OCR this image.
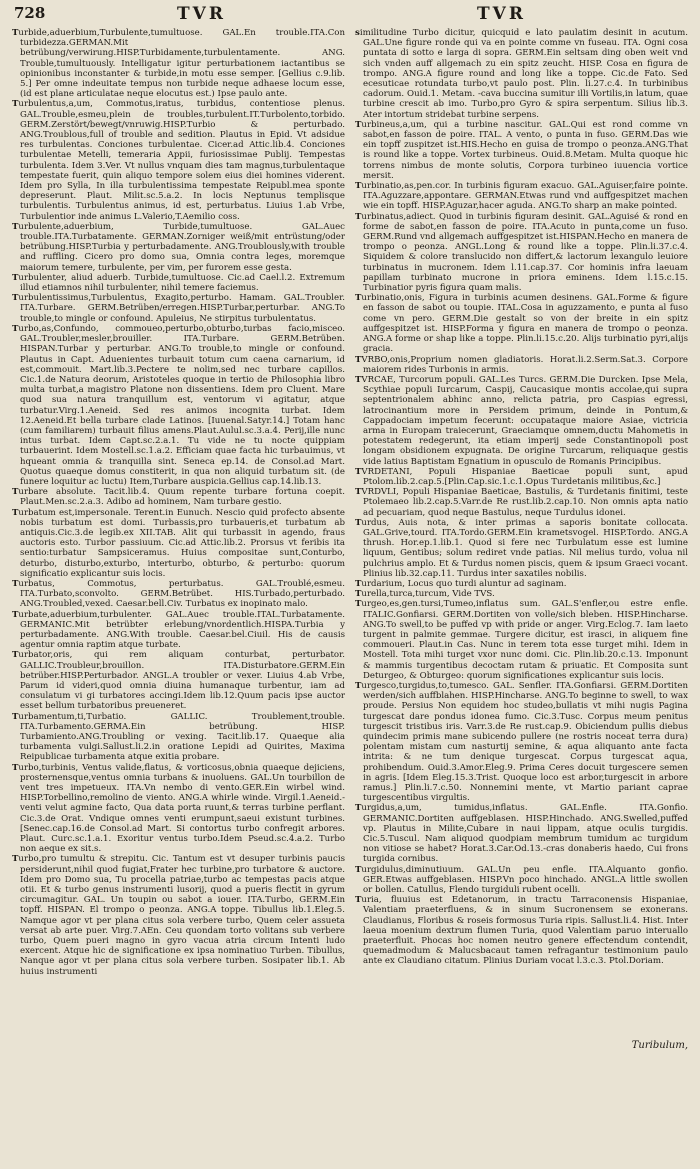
728	TVR	TVR

Turbide,aduerbium,Turbulente,tumultuose. GAL.En trouble.ITA.Con turbidezza.GERMAN.Mit betrübung/verwirung.HISP.Turbidamente,turbulentamente. ANG. Trouble,tumultuously. Intelligatur igitur perturbationem iactantibus se opinionibus inconstanter & turbide,in motu esse semper. [Gellius c.9.lib. 5.] Per omne indeuitate tempus non turbide neque adhaese locum esse, (id est plane articulatae neque elocutus est.) Ipse paulo ante.

Turbulentus,a,um, Commotus,iratus, turbidus, contentiose plenus. GAL.Trouble,esmeu,plein de troubles,turbulent.IT.Turbolento,torbido. GERM.Zerstört/bewegt/vnruwig.HISP.Turbio & perturbado. ANG.Troublous,full of trouble and sedition. Plautus in Epid. Vt adsidue res turbulentas. Conciones turbulentae. Cicer.ad Attic.lib.4. Conciones turbulentae Metelli, temeraria Appii, furiosissimae Publij. Tempestas turbulenta. Idem 3.Ver. Vt nullus vnquam dies tam magnus,turbulentaque tempestate fuerit, quin aliquo tempore solem eius diei homines viderent. Idem pro Sylla, In illa turbulentissima tempestate Reipubl.mea sponte depreserunt. Plaut. Milit.sc.5.a.2. In locis Neptunus templisque turbulentis. Turbulentus animus, id est, perturbatus. Liuius 1.ab Vrbe, Turbulentior inde animus L.Valerio,T.Aemilio coss.

Turbulente,aduerbium, Turbide,tumultuose. GAL.Auec trouble.ITA.Turbatamente. GERMAN.Zorniger weiß/mit entrüstung/oder betrübung.HISP.Turbia y perturbadamente. ANG.Troublously,with trouble and ruffling. Cicero pro domo sua, Omnia contra leges, moremque maiorum temere, turbulente, per vim, per furorem esse gesta.

Turbulenter, aliud aduerb. Turbide,tumultuose. Cic.ad Cael.l.2. Extremum illud etiamnos nihil turbulenter, nihil temere faciemus.

Turbulentissimus,Turbulentus, Exagito,perturbo. Hamam. GAL.Troubler. ITA.Turbare. GERM.Betrüben/erregen.HISP.Turbar,perturbar. ANG.To trouble,to mingle or confound. Apuleius, Ne stirpitus turbulentatus.

Turbo,as,Confundo, commoueo,perturbo,obturbo,turbas facio,misceo. GAL.Troubler,mesler,brouiller. ITA.Turbare. GERM.Betrüben. HISPAN.Turbar y perturbar. ANG.To trouble,to mingle or confound. Plautus in Capt. Aduenientes turbauit totum cum caena carnarium, id est,commouit. Mart.lib.3.Pectere te nolim,sed nec turbare capillos. Cic.1.de Natura deorum, Aristoteles quoque in tertio de Philosophia libro multa turbat,a magistro Platone non dissentiens. Idem pro Cluent. Mare quod sua natura tranquillum est, ventorum vi agitatur, atque turbatur.Virg.1.Aeneid. Sed res animos incognita turbat. Idem 12.Aeneid.Et bella turbare clade Latinos. [Iuuenal.Satyr.14.] Totam hanc (cum familiarem) turbauit filius amens.Plaut.Aulul.sc.3.a.4. Perij,ille nunc intus turbat. Idem Capt.sc.2.a.1. Tu vide ne tu nocte quippiam turbauerint. Idem Mostell.sc.1.a.2. Efficiam quae facta hic turbauimus, vt hqueant omnia & tranquilla sint. Seneca ep.14. de Consol.ad Mart. Quotus quaeque domus constiterit, in qua non aliquid turbatum sit. (de funere loquitur ac luctu) Item,Turbare auspicia.Gellius cap.14.lib.13.

Turbare absolute. Tacit.lib.4. Quum repente turbare fortuna coepit. Plaut.Men.sc.2.a.3. Adibo ad hominem, Nam turbare gestio.

Turbatum est,impersonale. Terent.in Eunuch. Nescio quid profecto absente nobis turbatum est domi. Turbassis,pro turbaueris,et turbatum ab antiquis.Cic.3.de legib.ex XII.TAB. Alit qui turbassit in agendo, fraus auctoris esto. Turbor passiuum. Cic.ad Attic.lib.2. Prorsus vt feribis ita sentio:turbatur Sampsiceramus. Huius compositae sunt,Conturbo, deturbo, disturbo,exturbo, interturbo, obturbo, & perturbo: quorum significatio explicantur suis locis.

Turbatus, Commotus, perturbatus. GAL.Troublé,esmeu. ITA.Turbato,sconvolto. GERM.Betrübet. HIS.Turbado,perturbado. ANG.Troubled,vexed. Caesar.bell.Civ. Turbatus ex inopinato malo.

Turbate,aduerbium,turbulenter. GAL.Auec trouble.ITAL.Turbatamente. GERMANIC.Mit betrübter erlebung/vnordentlich.HISPA.Turbia y perturbadamente. ANG.With trouble. Caesar.bel.Ciuil. His de causis agentur omnia raptim atque turbate.

Turbator,oris, qui rem aliquam conturbat, perturbator. GALLIC.Troubleur,brouillon. ITA.Disturbatore.GERM.Ein betrüber.HISP.Perturbador. ANGL.A troubler or vexer. Liuius 4.ab Vrbe, Parum id videri,quod omnia diuina humanaque turbentur, iam ad consulatum vi gi turbatores accingi.Idem lib.12.Quum pacis ipse auctor esset bellum turbatoribus preueneret.

Turbamentum,ti,Turbatio. GALLIC. Troublement,trouble. ITA.Turbamento.GERMA.Ein betrübung. HISP. Turbamiento.ANG.Troubling or vexing. Tacit.lib.17. Quaeque alia turbamenta vulgi.Sallust.li.2.in oratione Lepidi ad Quirites, Maxima Reipublicae turbamenta atque exitia probare.

Turbo,turbinis, Ventus valide,flatus, & vorticosus,obnia quaeque dejiciens, prosternensque,ventus omnia turbans & inuoluens. GAL.Un tourbillon de vent tres impetueux. ITA.Vn nembo di vento.GER.Ein wirbel wind. HISP.Torbellino,remolino de viento. ANG.A whirle winde. Virgil.1.Aeneid.-venti velut agmine facto, Qua data porta ruunt,& terras turbine perflant. Cic.3.de Orat. Vndique omnes venti erumpunt,saeui existunt turbines.[Senec.cap.16.de Consol.ad Mart. Si contortus turbo confregit arbores. Plaut. Curc.sc.1.a.1. Exoritur ventus turbo.Idem Pseud.sc.4.a.2. Turbo non aeque ex sit.s.

Turbo,pro tumultu & strepitu. Cic. Tantum est vt desuper turbinis paucis persiderunt,nihil quod fugiat,Frater hec turbine,pro turbatore & auctore. Idem pro Domo sua, Tu procella patriae,turbo ac tempestas pacis atque otii. Et & turbo genus instrumenti lusorij, quod a pueris flectit in gyrum circumagitur. GAL. Un toupin ou sabot a iouer. ITA.Turbo, GERM.Ein topff. HISPAN. El trompo o peonza. ANG.A toppe. Tibullus lib.1.Eleg.5. Namque agor vt per plana citus sola verbere turbo, Quem celer assueta versat ab arte puer. Virg.7.AEn. Ceu quondam torto volitans sub verbere turbo, Quem pueri magno in gyro vacua atria circum Intenti ludo exercent. Atque hic de significatione ex ipsa nominatiuo Turben. Tibullus, Nanque agor vt per plana citus sola verbere turben. Sosipater lib.1. Ab huius instrumenti

similitudine Turbo dicitur, quicquid e lato paulatim desinit in acutum. GAL.Une figure ronde qui va en pointe comme vn fuseau. ITA. Ogni cosa puntata di sotto e larga di sopra. GERM.Ein seltsam ding oben weit vnd sich vnden auff allgemach zu ein spitz zeucht. HISP. Cosa en figura de trompo. ANG.A figure round and long like a toppe. Cic.de Fato. Sed ecesuticae rotundata turbo,vt paulo post. Plin. li.27.c.4. In turbinibus cadorum. Ouid.1. Metam. -cava buccina sumitur illi Vortilis,in latum, quae turbine crescit ab imo. Turbo,pro Gyro & spira serpentum. Silius lib.3. Ater intortum stridebat turbine serpens.

Turbineus,a,um, qui a turbine nascitur. GAL.Qui est rond comme vn sabot,en fasson de poire. ITAL. A vento, o punta in fuso. GERM.Das wie ein topff zuspitzet ist.HIS.Hecho en guisa de trompo o peonza.ANG.That is round like a toppe. Vortex turbineus. Ouid.8.Metam. Multa quoque hic torrens nimbus de monte solutis, Corpora turbineo iuuencia vortice mersit.

Turbinatio,as,pen.cor. In turbinis figuram exacuo. GAL.Aguiser,faire pointe. ITA.Aguzzare,appontare. GERMAN.Etwas rund vnd auffgespitzet machen wie ein topff. HISP.Aguzar,hacer aguda. ANG.To sharp an make pointed.

Turbinatus,adiect. Quod in turbinis figuram desinit. GAL.Aguisé & rond en forme de sabot,en fasson de poire. ITA.Acuto in punta,come un fuso. GERM.Rund vnd allgemach auffgespitzet ist.HISPAN.Hecho en manera de trompo o peonza. ANGL.Long & round like a toppe. Plin.li.37.c.4. Siquidem & colore translucido non differt,& lactorum lexangulo leuiore turbinatus in mucronem. Idem l.11.cap.37. Cor hominis infra laeuam papillam turbinato mucrone in priora eminens. Idem l.15.c.15. Turbinatior pyris figura quam malis.

Turbinatio,onis, Figura in turbinis acumen desinens. GAL.Forme & figure en fasson de sabot ou toupie. ITAL.Cosa in aguzzamento, e punta al fuso come vn pero. GERM.Die gestalt so von der breite in ein spitz auffgespitzet ist. HISP.Forma y figura en manera de trompo o peonza. ANG.A forme or shap like a toppe. Plin.li.15.c.20. Alijs turbinatio pyri,alijs gracia.

TVRBO,onis,Proprium nomen gladiatoris. Horat.li.2.Serm.Sat.3. Corpore maiorem rides Turbonis in armis.

TVRCAE, Turcorum populi. GAL.Les Turcs. GERM.Die Durcken. Ipse Mela, Scythiae populi Iurcarum, Caspij, Caucasique montis accolae,qui supra septentrionalem abhinc anno, relicta patria, pro Caspias egressi, latrocinantium more in Persidem primum, deinde in Pontum,& Cappadociam impetum fecerunt: occupataque maiore Asiae, victricia arma in Europam traiecerunt, Graeciamque omnem,ductu Mahometis in potestatem redegerunt, ita etiam imperij sede Constantinopoli post longam obsidionem expugnata. De origine Turcarum, reliquaque gestis vide latius Baptistam Egnatium in opusculo de Romanis Principibus.

TVRDETANI, Populi Hispaniae Baeticae populi sunt, apud Ptolom.lib.2.cap.5.[Plin.Cap.sic.1.c.1.Opus Turdetanis militibus,&c.]

TVRDVLI, Populi Hispaniae Baeticae, Bastulis, & Turdetanis finitimi, teste Ptolemaeo lib.2.cap.5.Varr.de Re rust.lib.2.cap.10. Non omnis apta natio ad pecuariam, quod neque Bastulus, neque Turdulus idonei.

Turdus, Auis nota, & inter primas a saporis bonitate collocata. GAL.Grive,tourd. ITA.Tordo.GERM.Ein krametsvogel. HISP.Tordo. ANG.A thrush. Hor.ep.1.lib.1. Quod si fere nec Turbulatum esse est lumine liquum, Gentibus; solum rediret vnde patias. Nil melius turdo, volua nil pulchrius amplo. Et & Turdus nomen piscis, quem & ipsum Graeci vocant. Plinius lib.32.cap.11. Turdus inter saxatiles nobilis.

Turdarium, Locus quo turdi aluntur ad saginam.

Turella,turca,turcum, Vide TVS.

Turgeo,es,gen.tursi,Tumeo,inflatus sum. GAL.S'enfler,ou estre enfle. ITALIC.Gonfiarsi. GERM.Dortiten von volle/sich bleben. HISP.Hincharse. ANG.To swell,to be puffed vp with pride or anger. Virg.Eclog.7. Iam laeto turgent in palmite gemmae. Turgere dicitur, est irasci, in aliquem fine commoueri. Plaut.in Cas. Nunc in terem tota esse turget mihi. Idem in Mostell. Tota mihi turget vxor nunc domi. Cic. Plin.lib.20.c.13. Imponunt & mammis turgentibus decoctam rutam & priuatic. Et Composita sunt Deturgeo, & Obturgeo: quorum significationes explicantur suis locis.

Turgesco,turgidus,to,tumesco. GAL. Senfler. ITA.Gonfiarsi. GERM.Dortiten werden/sich auffblahen. HISP.Hincharse. ANG.To beginne to swell, to wax proude. Persius Non equidem hoc studeo,bullatis vt mihi nugis Pagina turgescat dare pondus idonea fumo. Cic.3.Tusc. Corpus meum penitus turgescit tristibus iris. Varr.3.de Re rust.cap.9. Obiciendum pullis diebus quindecim primis mane subicendo pullere (ne rostris noceat terra dura) polentam mistam cum nasturtij semine, & aqua aliquanto ante facta intrita: & ne tum denique turgescat. Corpus turgescat aqua, prohibendum. Ouid.3.Amor.Eleg.9. Prima Ceres docuit turgescere semen in agris. [Idem Eleg.15.3.Trist. Quoque loco est arbor,turgescit in arbore ramus.] Plin.li.7.c.50. Nonnemini mente, vt Martio pariant caprae turgescentibus virgultis.

Turgidus,a,um, tumidus,inflatus. GAL.Enfle. ITA.Gonfio. GERMANIC.Dortiten auffgeblasen. HISP.Hinchado. ANG.Swelled,puffed vp. Plautus in Milite,Cubare in naui lippam, atque oculis turgidis. Cic.5.Tuscul. Nam aliquod quodpiam membrum tumidum ac turgidum non vitiose se habet? Horat.3.Car.Od.13.-cras donaberis haedo, Cui frons turgida cornibus.

Turgidulus,diminutiuum. GAL.Un peu enfle. ITA.Alquanto gonfio. GER.Etwas auffgeblasen. HISP.Vn poco hinchado. ANGL.A little swollen or bollen. Catullus, Flendo turgiduli rubent ocelli.

Turia, fluuius est Edetanorum, in tractu Tarraconensis Hispaniae, Valentiam praeterfluens, & in sinum Sucronensem se exonerans. Claudianus, Floribus & roseis formosus Turia ripis. Sallust.li.4. Hist. Inter laeua moenium dextrum flumen Turia, quod Valentiam paruo interuallo praeterfluit. Phocas hoc nomen neutro genere effectendum contendit, quemadmodum & Malucsbacaut tamen refragantur testimonium paulo ante ex Claudiano citatum. Plinius Duriam vocat l.3.c.3. Ptol.Doriam.

Turibulum,
